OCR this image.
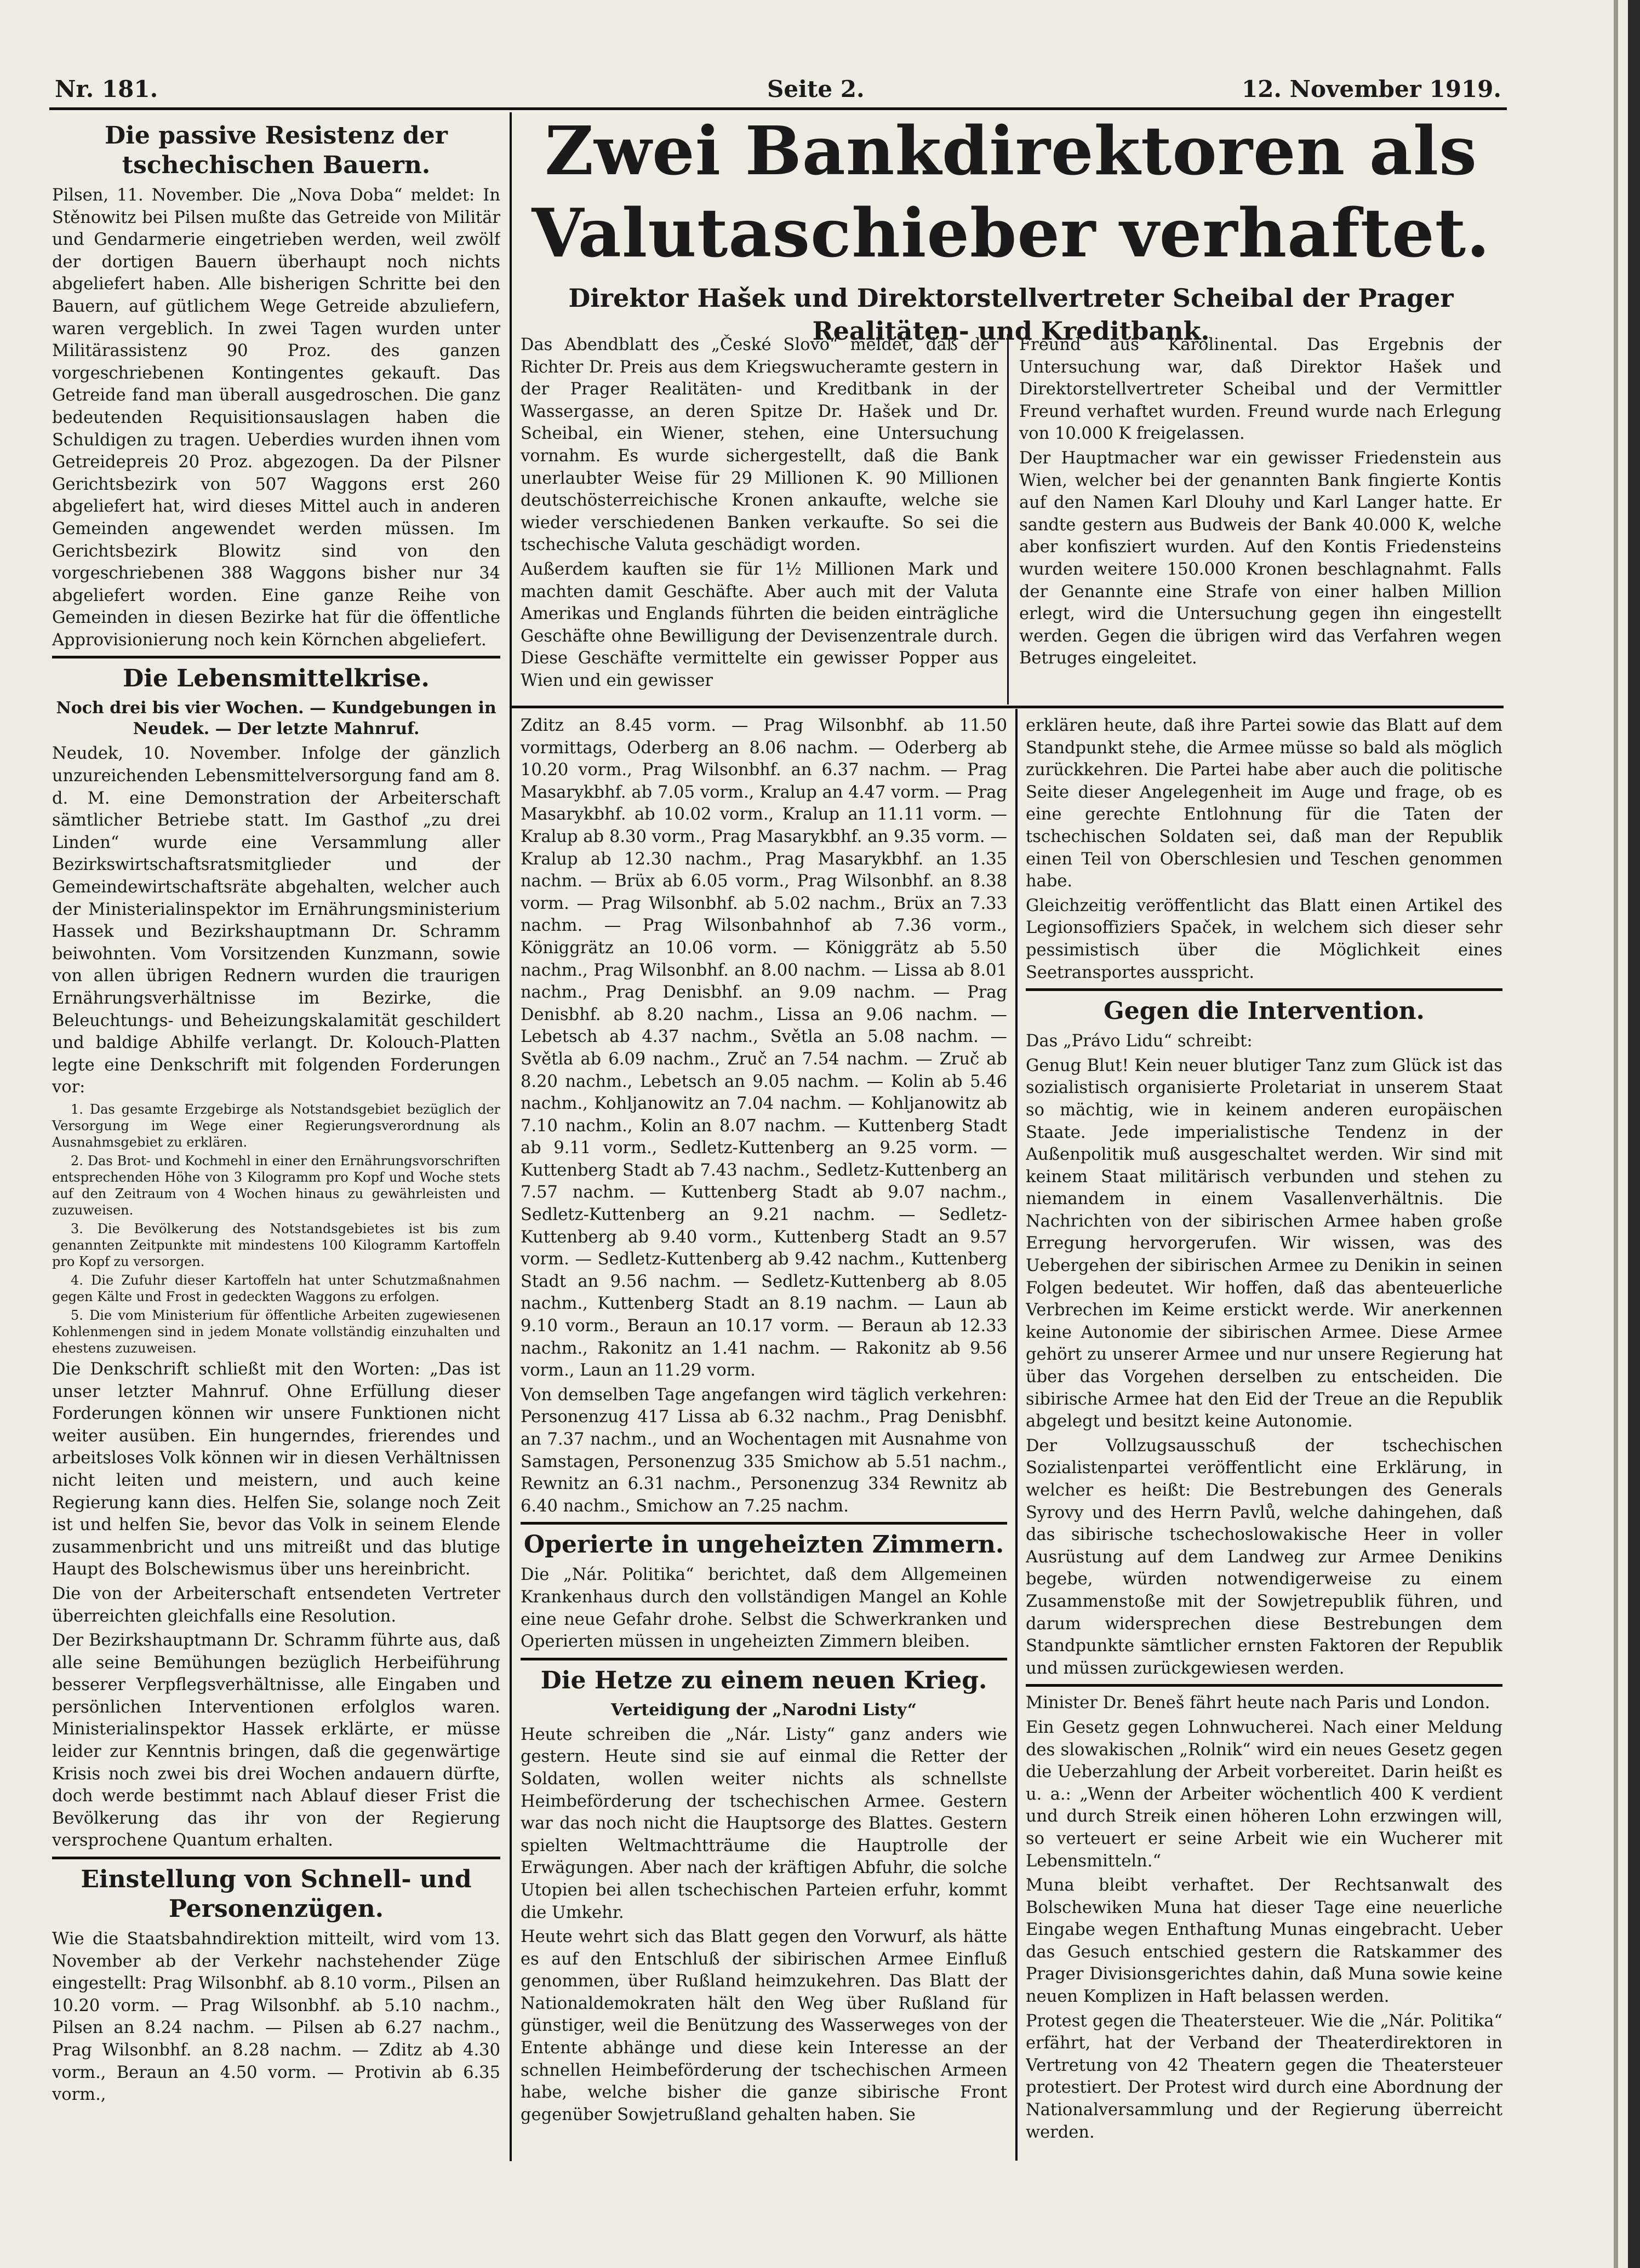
Nr. 181.	Seite 2.	12. November 1919.
Die passive Resistenz der tschechischen Bauern.

Pilsen, 11. November. Die „Nova Doba“ meldet: In Stěnowitz bei Pilsen mußte das Getreide von Militär und Gendarmerie eingetrieben werden, weil zwölf der dortigen Bauern überhaupt noch nichts abgeliefert haben. Alle bisherigen Schritte bei den Bauern, auf gütlichem Wege Getreide abzuliefern, waren vergeblich. In zwei Tagen wurden unter Militärassistenz 90 Proz. des ganzen vorgeschriebenen Kontingentes gekauft. Das Getreide fand man überall ausgedroschen. Die ganz bedeutenden Requisitionsauslagen haben die Schuldigen zu tragen. Ueberdies wurden ihnen vom Getreidepreis 20 Proz. abgezogen. Da der Pilsner Gerichtsbezirk von 507 Waggons erst 260 abgeliefert hat, wird dieses Mittel auch in anderen Gemeinden angewendet werden müssen. Im Gerichtsbezirk Blowitz sind von den vorgeschriebenen 388 Waggons bisher nur 34 abgeliefert worden. Eine ganze Reihe von Gemeinden in diesen Bezirke hat für die öffentliche Approvisionierung noch kein Körnchen abgeliefert.

Die Lebensmittelkrise.
Noch drei bis vier Wochen. — Kundgebungen in Neudek. — Der letzte Mahnruf.

Neudek, 10. November. Infolge der gänzlich unzureichenden Lebensmittelversorgung fand am 8. d. M. eine Demonstration der Arbeiterschaft sämtlicher Betriebe statt. Im Gasthof „zu drei Linden“ wurde eine Versammlung aller Bezirkswirtschaftsratsmitglieder und der Gemeindewirtschaftsräte abgehalten, welcher auch der Ministerialinspektor im Ernährungsministerium Hassek und Bezirkshauptmann Dr. Schramm beiwohnten. Vom Vorsitzenden Kunzmann, sowie von allen übrigen Rednern wurden die traurigen Ernährungsverhältnisse im Bezirke, die Beleuchtungs- und Beheizungskalamität geschildert und baldige Abhilfe verlangt. Dr. Kolouch-Platten legte eine Denkschrift mit folgenden Forderungen vor:

1. Das gesamte Erzgebirge als Notstandsgebiet bezüglich der Versorgung im Wege einer Regierungsverordnung als Ausnahmsgebiet zu erklären.

2. Das Brot- und Kochmehl in einer den Ernährungsvorschriften entsprechenden Höhe von 3 Kilogramm pro Kopf und Woche stets auf den Zeitraum von 4 Wochen hinaus zu gewährleisten und zuzuweisen.

3. Die Bevölkerung des Notstandsgebietes ist bis zum genannten Zeitpunkte mit mindestens 100 Kilogramm Kartoffeln pro Kopf zu versorgen.

4. Die Zufuhr dieser Kartoffeln hat unter Schutzmaßnahmen gegen Kälte und Frost in gedeckten Waggons zu erfolgen.

5. Die vom Ministerium für öffentliche Arbeiten zugewiesenen Kohlenmengen sind in jedem Monate vollständig einzuhalten und ehestens zuzuweisen.

Die Denkschrift schließt mit den Worten: „Das ist unser letzter Mahnruf. Ohne Erfüllung dieser Forderungen können wir unsere Funktionen nicht weiter ausüben. Ein hungerndes, frierendes und arbeitsloses Volk können wir in diesen Verhältnissen nicht leiten und meistern, und auch keine Regierung kann dies. Helfen Sie, solange noch Zeit ist und helfen Sie, bevor das Volk in seinem Elende zusammenbricht und uns mitreißt und das blutige Haupt des Bolschewismus über uns hereinbricht.

Die von der Arbeiterschaft entsendeten Vertreter überreichten gleichfalls eine Resolution.

Der Bezirkshauptmann Dr. Schramm führte aus, daß alle seine Bemühungen bezüglich Herbeiführung besserer Verpflegsverhältnisse, alle Eingaben und persönlichen Interventionen erfolglos waren. Ministerialinspektor Hassek erklärte, er müsse leider zur Kenntnis bringen, daß die gegenwärtige Krisis noch zwei bis drei Wochen andauern dürfte, doch werde bestimmt nach Ablauf dieser Frist die Bevölkerung das ihr von der Regierung versprochene Quantum erhalten.

Einstellung von Schnell- und Personenzügen.

Wie die Staatsbahndirektion mitteilt, wird vom 13. November ab der Verkehr nachstehender Züge eingestellt: Prag Wilsonbhf. ab 8.10 vorm., Pilsen an 10.20 vorm. — Prag Wilsonbhf. ab 5.10 nachm., Pilsen an 8.24 nachm. — Pilsen ab 6.27 nachm., Prag Wilsonbhf. an 8.28 nachm. — Zditz ab 4.30 vorm., Beraun an 4.50 vorm. — Protivin ab 6.35 vorm.,

Zwei Bankdirektoren als Valutaschieber verhaftet.
Direktor Hašek und Direktorstellvertreter Scheibal der Prager Realitäten- und Kreditbank.

Das Abendblatt des „České Slovo“ meldet, daß der Richter Dr. Preis aus dem Kriegswucheramte gestern in der Prager Realitäten- und Kreditbank in der Wassergasse, an deren Spitze Dr. Hašek und Dr. Scheibal, ein Wiener, stehen, eine Untersuchung vornahm. Es wurde sichergestellt, daß die Bank unerlaubter Weise für 29 Millionen K. 90 Millionen deutschösterreichische Kronen ankaufte, welche sie wieder verschiedenen Banken verkaufte. So sei die tschechische Valuta geschädigt worden.

Außerdem kauften sie für 1½ Millionen Mark und machten damit Geschäfte. Aber auch mit der Valuta Amerikas und Englands führten die beiden einträgliche Geschäfte ohne Bewilligung der Devisenzentrale durch. Diese Geschäfte vermittelte ein gewisser Popper aus Wien und ein gewisser

Freund aus Karolinental. Das Ergebnis der Untersuchung war, daß Direktor Hašek und Direktorstellvertreter Scheibal und der Vermittler Freund verhaftet wurden. Freund wurde nach Erlegung von 10.000 K freigelassen.

Der Hauptmacher war ein gewisser Friedenstein aus Wien, welcher bei der genannten Bank fingierte Kontis auf den Namen Karl Dlouhy und Karl Langer hatte. Er sandte gestern aus Budweis der Bank 40.000 K, welche aber konfisziert wurden. Auf den Kontis Friedensteins wurden weitere 150.000 Kronen beschlagnahmt. Falls der Genannte eine Strafe von einer halben Million erlegt, wird die Untersuchung gegen ihn eingestellt werden. Gegen die übrigen wird das Verfahren wegen Betruges eingeleitet.

Zditz an 8.45 vorm. — Prag Wilsonbhf. ab 11.50 vormittags, Oderberg an 8.06 nachm. — Oderberg ab 10.20 vorm., Prag Wilsonbhf. an 6.37 nachm. — Prag Masarykbhf. ab 7.05 vorm., Kralup an 4.47 vorm. — Prag Masarykbhf. ab 10.02 vorm., Kralup an 11.11 vorm. — Kralup ab 8.30 vorm., Prag Masarykbhf. an 9.35 vorm. — Kralup ab 12.30 nachm., Prag Masarykbhf. an 1.35 nachm. — Brüx ab 6.05 vorm., Prag Wilsonbhf. an 8.38 vorm. — Prag Wilsonbhf. ab 5.02 nachm., Brüx an 7.33 nachm. — Prag Wilsonbahnhof ab 7.36 vorm., Königgrätz an 10.06 vorm. — Königgrätz ab 5.50 nachm., Prag Wilsonbhf. an 8.00 nachm. — Lissa ab 8.01 nachm., Prag Denisbhf. an 9.09 nachm. — Prag Denisbhf. ab 8.20 nachm., Lissa an 9.06 nachm. — Lebetsch ab 4.37 nachm., Světla an 5.08 nachm. — Světla ab 6.09 nachm., Zruč an 7.54 nachm. — Zruč ab 8.20 nachm., Lebetsch an 9.05 nachm. — Kolin ab 5.46 nachm., Kohljanowitz an 7.04 nachm. — Kohljanowitz ab 7.10 nachm., Kolin an 8.07 nachm. — Kuttenberg Stadt ab 9.11 vorm., Sedletz-Kuttenberg an 9.25 vorm. — Kuttenberg Stadt ab 7.43 nachm., Sedletz-Kuttenberg an 7.57 nachm. — Kuttenberg Stadt ab 9.07 nachm., Sedletz-Kuttenberg an 9.21 nachm. — Sedletz-Kuttenberg ab 9.40 vorm., Kuttenberg Stadt an 9.57 vorm. — Sedletz-Kuttenberg ab 9.42 nachm., Kuttenberg Stadt an 9.56 nachm. — Sedletz-Kuttenberg ab 8.05 nachm., Kuttenberg Stadt an 8.19 nachm. — Laun ab 9.10 vorm., Beraun an 10.17 vorm. — Beraun ab 12.33 nachm., Rakonitz an 1.41 nachm. — Rakonitz ab 9.56 vorm., Laun an 11.29 vorm.

Von demselben Tage angefangen wird täglich verkehren: Personenzug 417 Lissa ab 6.32 nachm., Prag Denisbhf. an 7.37 nachm., und an Wochentagen mit Ausnahme von Samstagen, Personenzug 335 Smichow ab 5.51 nachm., Rewnitz an 6.31 nachm., Personenzug 334 Rewnitz ab 6.40 nachm., Smichow an 7.25 nachm.

Operierte in ungeheizten Zimmern.

Die „Nár. Politika“ berichtet, daß dem Allgemeinen Krankenhaus durch den vollständigen Mangel an Kohle eine neue Gefahr drohe. Selbst die Schwerkranken und Operierten müssen in ungeheizten Zimmern bleiben.

Die Hetze zu einem neuen Krieg.
Verteidigung der „Narodni Listy“

Heute schreiben die „Nár. Listy“ ganz anders wie gestern. Heute sind sie auf einmal die Retter der Soldaten, wollen weiter nichts als schnellste Heimbeförderung der tschechischen Armee. Gestern war das noch nicht die Hauptsorge des Blattes. Gestern spielten Weltmachtträume die Hauptrolle der Erwägungen. Aber nach der kräftigen Abfuhr, die solche Utopien bei allen tschechischen Parteien erfuhr, kommt die Umkehr.

Heute wehrt sich das Blatt gegen den Vorwurf, als hätte es auf den Entschluß der sibirischen Armee Einfluß genommen, über Rußland heimzukehren. Das Blatt der Nationaldemokraten hält den Weg über Rußland für günstiger, weil die Benützung des Wasserweges von der Entente abhänge und diese kein Interesse an der schnellen Heimbeförderung der tschechischen Armeen habe, welche bisher die ganze sibirische Front gegenüber Sowjetrußland gehalten haben. Sie

erklären heute, daß ihre Partei sowie das Blatt auf dem Standpunkt stehe, die Armee müsse so bald als möglich zurückkehren. Die Partei habe aber auch die politische Seite dieser Angelegenheit im Auge und frage, ob es eine gerechte Entlohnung für die Taten der tschechischen Soldaten sei, daß man der Republik einen Teil von Oberschlesien und Teschen genommen habe.

Gleichzeitig veröffentlicht das Blatt einen Artikel des Legionsoffiziers Spaček, in welchem sich dieser sehr pessimistisch über die Möglichkeit eines Seetransportes ausspricht.

Gegen die Intervention.

Das „Právo Lidu“ schreibt:

Genug Blut! Kein neuer blutiger Tanz zum Glück ist das sozialistisch organisierte Proletariat in unserem Staat so mächtig, wie in keinem anderen europäischen Staate. Jede imperialistische Tendenz in der Außenpolitik muß ausgeschaltet werden. Wir sind mit keinem Staat militärisch verbunden und stehen zu niemandem in einem Vasallenverhältnis. Die Nachrichten von der sibirischen Armee haben große Erregung hervorgerufen. Wir wissen, was des Uebergehen der sibirischen Armee zu Denikin in seinen Folgen bedeutet. Wir hoffen, daß das abenteuerliche Verbrechen im Keime erstickt werde. Wir anerkennen keine Autonomie der sibirischen Armee. Diese Armee gehört zu unserer Armee und nur unsere Regierung hat über das Vorgehen derselben zu entscheiden. Die sibirische Armee hat den Eid der Treue an die Republik abgelegt und besitzt keine Autonomie.

Der Vollzugsausschuß der tschechischen Sozialistenpartei veröffentlicht eine Erklärung, in welcher es heißt: Die Bestrebungen des Generals Syrovy und des Herrn Pavlů, welche dahingehen, daß das sibirische tschechoslowakische Heer in voller Ausrüstung auf dem Landweg zur Armee Denikins begebe, würden notwendigerweise zu einem Zusammenstoße mit der Sowjetrepublik führen, und darum widersprechen diese Bestrebungen dem Standpunkte sämtlicher ernsten Faktoren der Republik und müssen zurückgewiesen werden.

Minister Dr. Beneš fährt heute nach Paris und London.

Ein Gesetz gegen Lohnwucherei. Nach einer Meldung des slowakischen „Rolnik“ wird ein neues Gesetz gegen die Ueberzahlung der Arbeit vorbereitet. Darin heißt es u. a.: „Wenn der Arbeiter wöchentlich 400 K verdient und durch Streik einen höheren Lohn erzwingen will, so verteuert er seine Arbeit wie ein Wucherer mit Lebensmitteln.“

Muna bleibt verhaftet. Der Rechtsanwalt des Bolschewiken Muna hat dieser Tage eine neuerliche Eingabe wegen Enthaftung Munas eingebracht. Ueber das Gesuch entschied gestern die Ratskammer des Prager Divisionsgerichtes dahin, daß Muna sowie keine neuen Komplizen in Haft belassen werden.

Protest gegen die Theatersteuer. Wie die „Nár. Politika“ erfährt, hat der Verband der Theaterdirektoren in Vertretung von 42 Theatern gegen die Theatersteuer protestiert. Der Protest wird durch eine Abordnung der Nationalversammlung und der Regierung überreicht werden.
